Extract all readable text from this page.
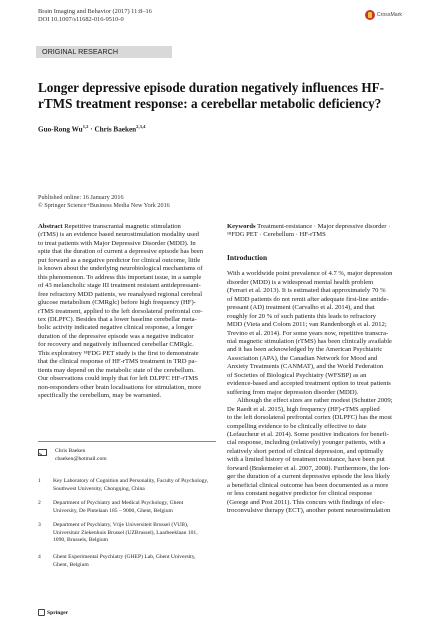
Brain Imaging and Behavior (2017) 11:8–16
DOI 10.1007/s11682-016-9510-0
CrossMark
ORIGINAL RESEARCH
Longer depressive episode duration negatively influences HF-rTMS treatment response: a cerebellar metabolic deficiency?
Guo-Rong Wu$^{1,2}$ · Chris Baeken$^{2,3,4}$
Published online: 16 January 2016
© Springer Science+Business Media New York 2016
Abstract Repetitive transcranial magnetic stimulation
(rTMS) is an evidence based neurostimulation modality used
to treat patients with Major Depressive Disorder (MDD). In
spite that the duration of current a depressive episode has been
put forward as a negative predictor for clinical outcome, little
is known about the underlying neurobiological mechanisms of
this phenomenon. To address this important issue, in a sample
of 43 melancholic stage III treatment resistant antidepressant-
free refractory MDD patients, we reanalysed regional cerebral
glucose metabolism (CMRglc) before high frequency (HF)-
rTMS treatment, applied to the left dorsolateral prefrontal cor-
tex (DLPFC). Besides that a lower baseline cerebellar meta-
bolic activity indicated negative clinical response, a longer
duration of the depressive episode was a negative indicator
for recovery and negatively influenced cerebellar CMRglc.
This exploratory ¹⁸FDG PET study is the first to demonstrate
that the clinical response of HF-rTMS treatment in TRD pa-
tients may depend on the metabolic state of the cerebellum.
Our observations could imply that for left DLPFC HF-rTMS
non-responders other brain localisations for stimulation, more
specifically the cerebellum, may be warranted.
Chris Baeken
cbaeken@hotmail.com
1	Key Laboratory of Cognition and Personality, Faculty of Psychology,
Southwest University, Chongqing, China
2	Department of Psychiatry and Medical Psychology, Ghent
University, De Pintelaan 185 – 9000, Ghent, Belgium
3	Department of Psychiatry, Vrije Universiteit Brussel (VUB),
Universitair Ziekenhuis Brussel (UZBrussel), Laarbeeklaan 101,
1090, Brussels, Belgium
4	Ghent Experimental Psychiatry (GHEP) Lab, Ghent University,
Ghent, Belgium
Springer
Keywords Treatment-resistance · Major depressive disorder ·
¹⁸FDG PET · Cerebellum · HF-rTMS
Introduction
With a worldwide point prevalence of 4.7 %, major depression
disorder (MDD) is a widespread mental health problem
(Ferrari et al. 2013). It is estimated that approximately 70 %
of MDD patients do not remit after adequate first-line antide-
pressant (AD) treatment (Carvalho et al. 2014), and that
roughly for 20 % of such patients this leads to refractory
MDD (Vieta and Colom 2011; van Randenborgh et al. 2012;
Trevino et al. 2014). For some years now, repetitive transcra-
nial magnetic stimulation (rTMS) has been clinically available
and it has been acknowledged by the American Psychiatric
Association (APA), the Canadian Network for Mood and
Anxiety Treatments (CANMAT), and the World Federation
of Societies of Biological Psychiatry (WFSBP) as an
evidence-based and accepted treatment option to treat patients
suffering from major depression disorder (MDD).
Although the effect sizes are rather modest (Schutter 2009;
De Raedt et al. 2015), high frequency (HF)-rTMS applied
to the left dorsolateral prefrontal cortex (DLPFC) has the most
compelling evidence to be clinically effective to date
(Lefaucheur et al. 2014). Some positive indicators for benefi-
cial response, including (relatively) younger patients, with a
relatively short period of clinical depression, and optimally
with a limited history of treatment resistance, have been put
forward (Brakemeier et al. 2007, 2008). Furthermore, the lon-
ger the duration of a current depressive episode the less likely
a beneficial clinical outcome has been documented as a more
or less constant negative predictor for clinical response
(George and Post 2011). This concurs with findings of elec-
troconvulsive therapy (ECT), another potent neurostimulation
